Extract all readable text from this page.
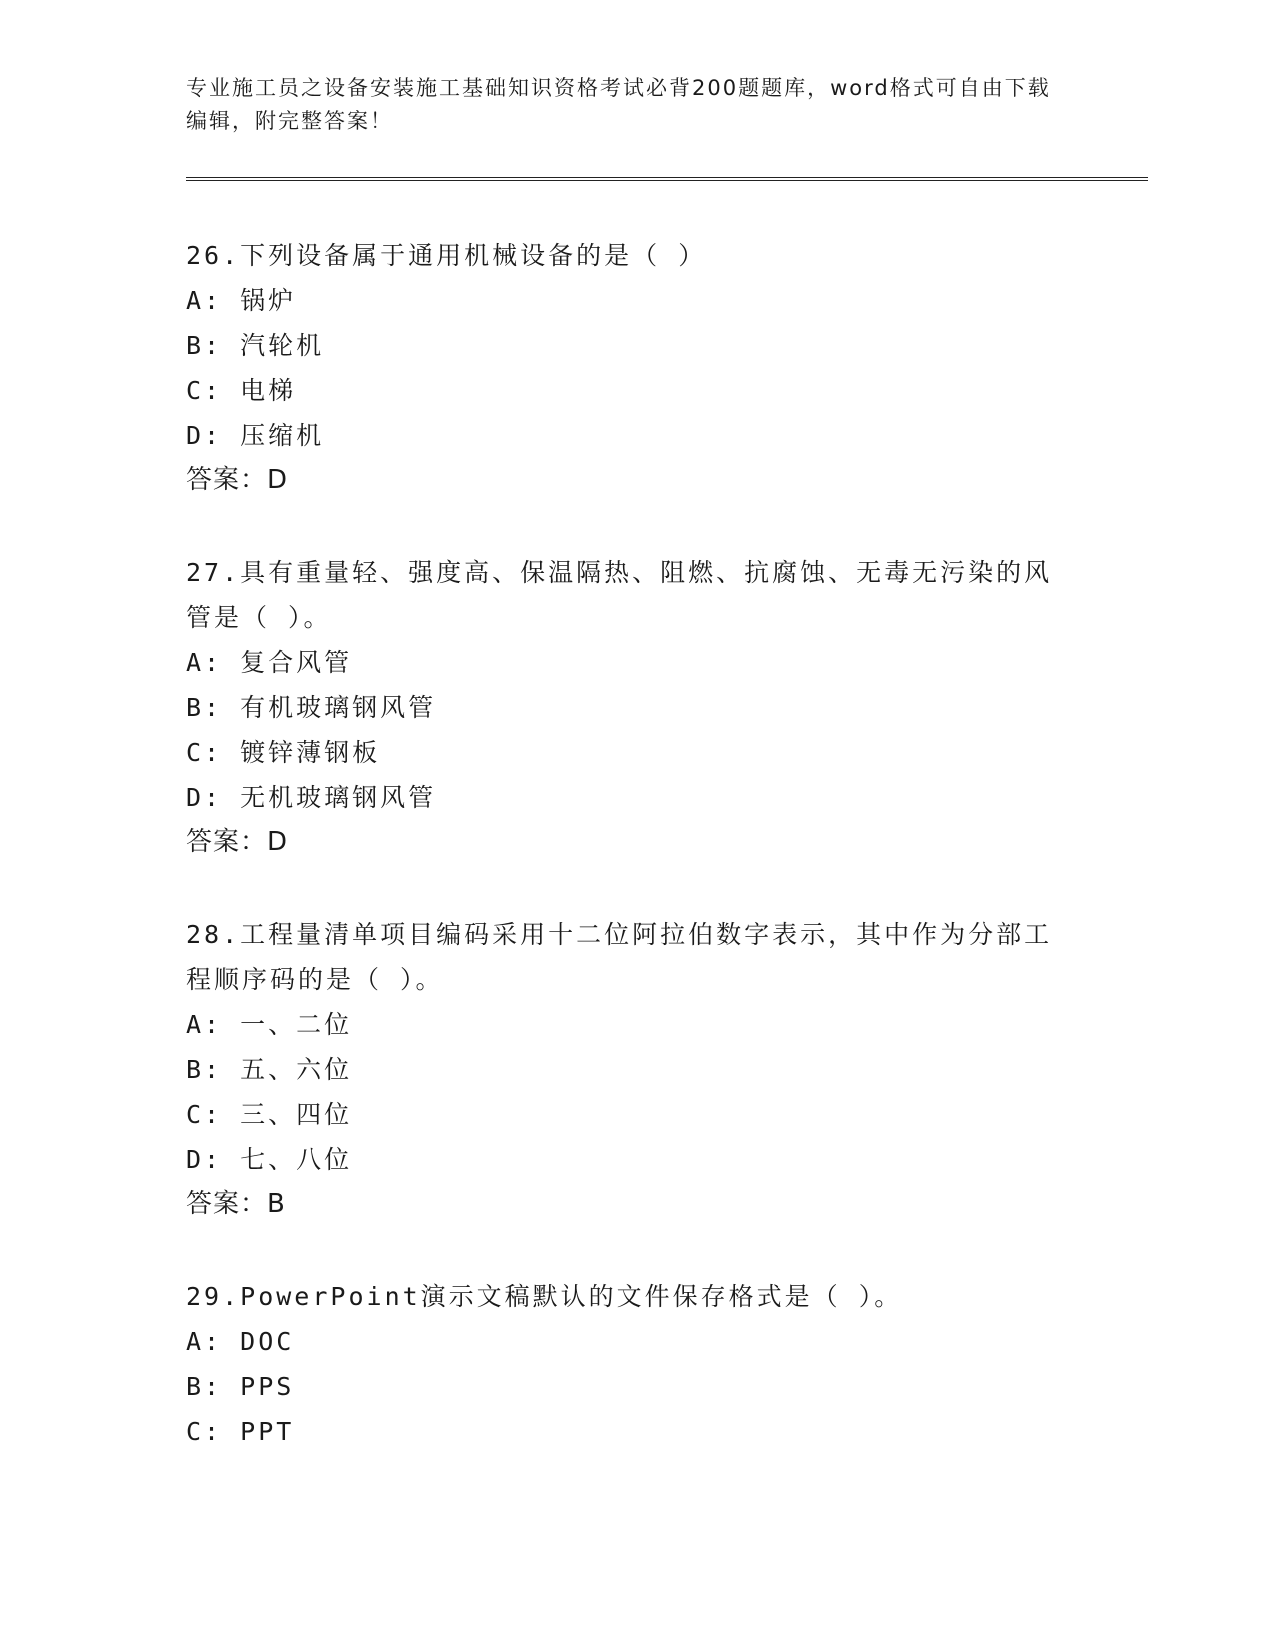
专业施工员之设备安装施工基础知识资格考试必背200题题库，word格式可自由下载编辑，附完整答案！
26.下列设备属于通用机械设备的是（ ）
A: 锅炉
B: 汽轮机
C: 电梯
D: 压缩机
答案：D
27.具有重量轻、强度高、保温隔热、阻燃、抗腐蚀、无毒无污染的风管是（ ）。
A: 复合风管
B: 有机玻璃钢风管
C: 镀锌薄钢板
D: 无机玻璃钢风管
答案：D
28.工程量清单项目编码采用十二位阿拉伯数字表示，其中作为分部工程顺序码的是（ ）。
A: 一、二位
B: 五、六位
C: 三、四位
D: 七、八位
答案：B
29.PowerPoint演示文稿默认的文件保存格式是（ ）。
A: DOC
B: PPS
C: PPT
